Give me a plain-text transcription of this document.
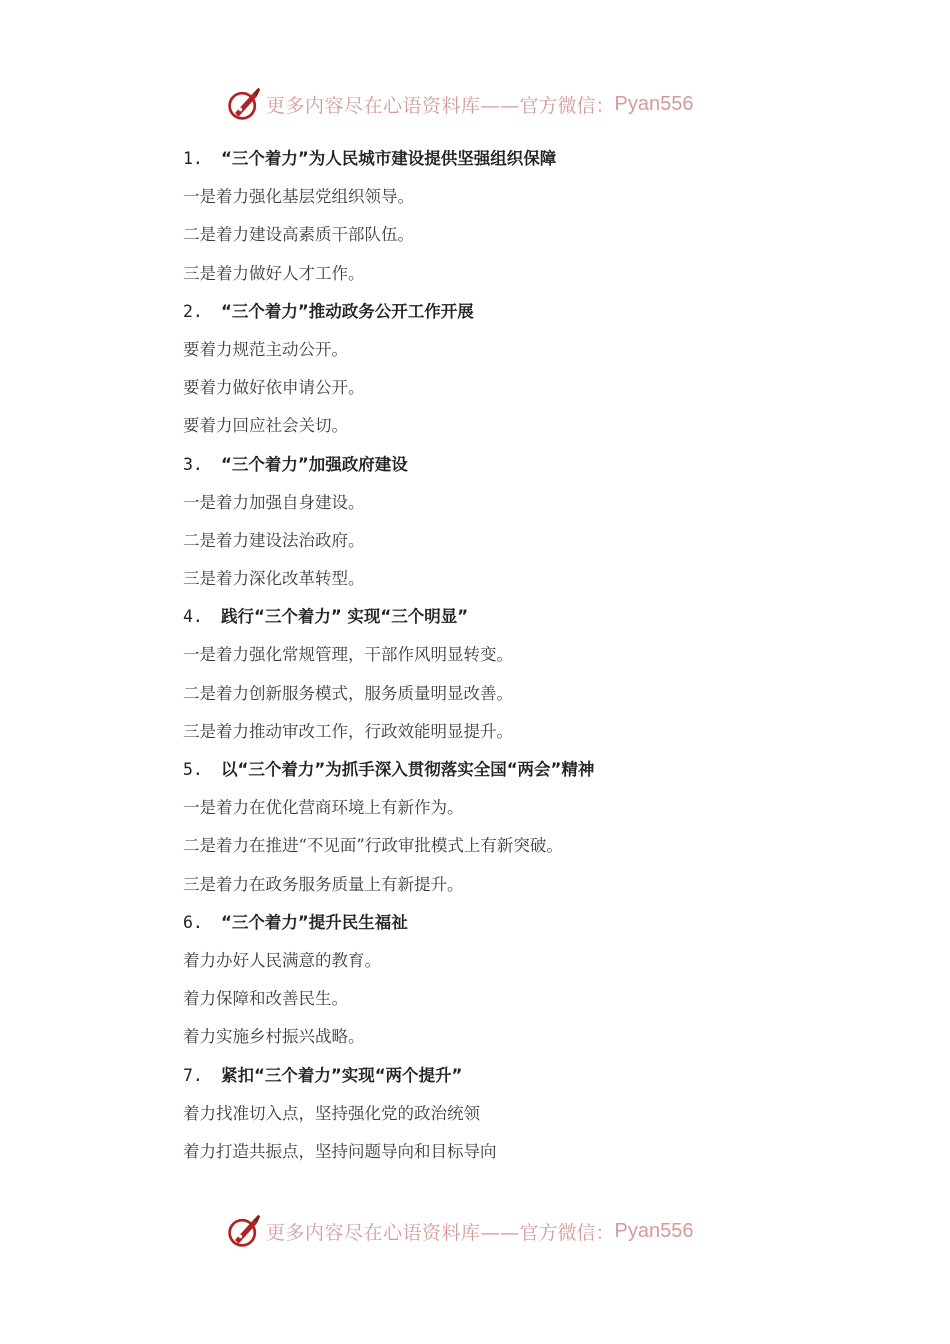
更多内容尽在心语资料库—— 官方微信： Pyan556
1. “三个着力”为人民城市建设提供坚强组织保障
一是着力强化基层党组织领导。
二是着力建设高素质干部队伍。
三是着力做好人才工作。
2. “三个着力”推动政务公开工作开展
要着力规范主动公开。
要着力做好依申请公开。
要着力回应社会关切。
3. “三个着力”加强政府建设
一是着力加强自身建设。
二是着力建设法治政府。
三是着力深化改革转型。
4. 践行“三个着力” 实现“三个明显”
一是着力强化常规管理，干部作风明显转变。
二是着力创新服务模式，服务质量明显改善。
三是着力推动审改工作，行政效能明显提升。
5. 以“三个着力”为抓手深入贯彻落实全国“两会”精神
一是着力在优化营商环境上有新作为。
二是着力在推进“不见面”行政审批模式上有新突破。
三是着力在政务服务质量上有新提升。
6. “三个着力”提升民生福祉
着力办好人民满意的教育。
着力保障和改善民生。
着力实施乡村振兴战略。
7. 紧扣“三个着力”实现“两个提升”
着力找准切入点，坚持强化党的政治统领
着力打造共振点，坚持问题导向和目标导向
更多内容尽在心语资料库—— 官方微信： Pyan556
